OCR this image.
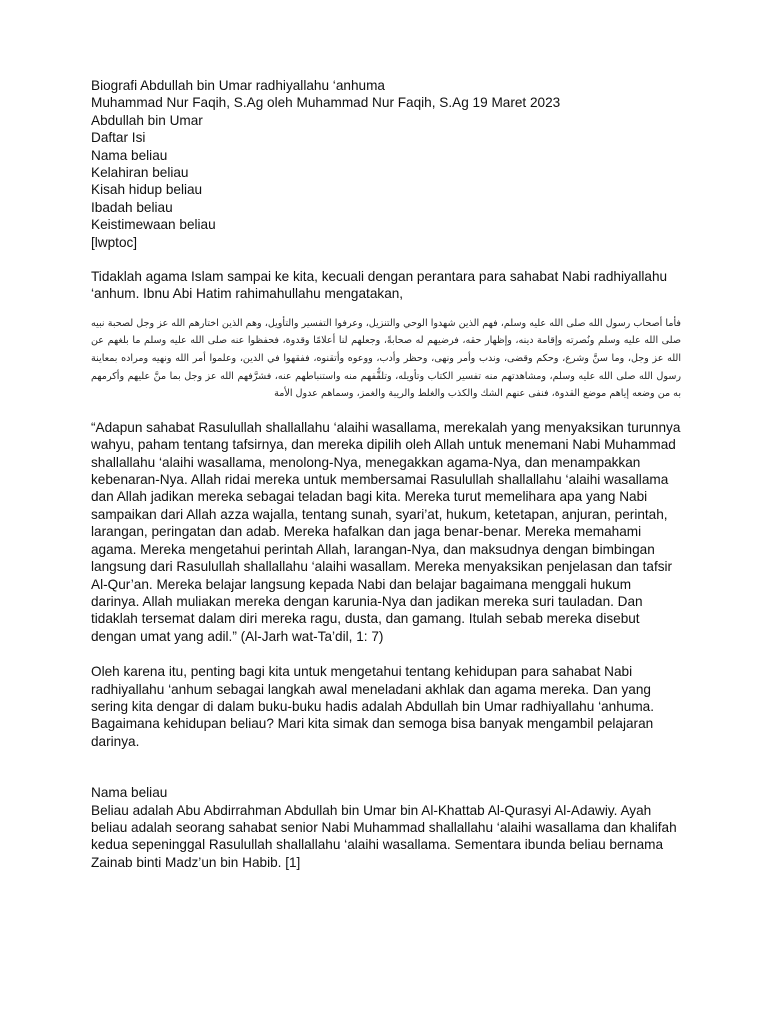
Biografi Abdullah bin Umar radhiyallahu ‘anhuma

Muhammad Nur Faqih, S.Ag oleh Muhammad Nur Faqih, S.Ag 19 Maret 2023

Abdullah bin Umar

Daftar Isi

Nama beliau

Kelahiran beliau

Kisah hidup beliau

Ibadah beliau

Keistimewaan beliau

[lwptoc]

Tidaklah agama Islam sampai ke kita, kecuali dengan perantara para sahabat Nabi radhiyallahu ‘anhum. Ibnu Abi Hatim rahimahullahu mengatakan,

فأما أصحاب رسول الله صلى الله عليه وسلم، فهم الذين شهدوا الوحي والتنزيل، وعرفوا التفسير والتأويل، وهم الذين اختارهم الله عز وجل لصحبة نبيه صلى الله عليه وسلم ونُصرته وإقامة دينه، وإظهار حقه، فرضيهم له صحابةً، وجعلهم لنا أعلامًا وقدوة، فحفظوا عنه صلى الله عليه وسلم ما بلغهم عن الله عز وجل، وما سنَّ وشرع، وحكم وقضى، وندب وأمر ونهى، وحظر وأدب، ووعوه وأتقنوه، ففقهوا في الدين، وعلموا أمر الله ونهيه ومراده بمعاينة رسول الله صلى الله عليه وسلم، ومشاهدتهم منه تفسير الكتاب وتأويله، وتلقُّفهم منه واستنباطهم عنه، فشرَّفهم الله عز وجل بما منَّ عليهم وأكرمهم به من وضعه إياهم موضع القدوة، فنفى عنهم الشك والكذب والغلط والريبة والغمز، وسماهم عدول الأمة

“Adapun sahabat Rasulullah shallallahu ‘alaihi wasallama, merekalah yang menyaksikan turunnya wahyu, paham tentang tafsirnya, dan mereka dipilih oleh Allah untuk menemani Nabi Muhammad shallallahu ‘alaihi wasallama, menolong-Nya, menegakkan agama-Nya, dan menampakkan kebenaran-Nya. Allah ridai mereka untuk membersamai Rasulullah shallallahu ‘alaihi wasallama dan Allah jadikan mereka sebagai teladan bagi kita. Mereka turut memelihara apa yang Nabi sampaikan dari Allah azza wajalla, tentang sunah, syari’at, hukum, ketetapan, anjuran, perintah, larangan, peringatan dan adab. Mereka hafalkan dan jaga benar-benar. Mereka memahami agama. Mereka mengetahui perintah Allah, larangan-Nya, dan maksudnya dengan bimbingan langsung dari Rasulullah shallallahu ‘alaihi wasallam. Mereka menyaksikan penjelasan dan tafsir Al-Qur’an. Mereka belajar langsung kepada Nabi dan belajar bagaimana menggali hukum darinya. Allah muliakan mereka dengan karunia-Nya dan jadikan mereka suri tauladan. Dan tidaklah tersemat dalam diri mereka ragu, dusta, dan gamang. Itulah sebab mereka disebut dengan umat yang adil.” (Al-Jarh wat-Ta’dil, 1: 7)

Oleh karena itu, penting bagi kita untuk mengetahui tentang kehidupan para sahabat Nabi radhiyallahu ‘anhum sebagai langkah awal meneladani akhlak dan agama mereka. Dan yang sering kita dengar di dalam buku-buku hadis adalah Abdullah bin Umar radhiyallahu ‘anhuma. Bagaimana kehidupan beliau? Mari kita simak dan semoga bisa banyak mengambil pelajaran darinya.

Nama beliau

Beliau adalah Abu Abdirrahman Abdullah bin Umar bin Al-Khattab Al-Qurasyi Al-Adawiy. Ayah beliau adalah seorang sahabat senior Nabi Muhammad shallallahu ‘alaihi wasallama dan khalifah kedua sepeninggal Rasulullah shallallahu ‘alaihi wasallama. Sementara ibunda beliau bernama Zainab binti Madz’un bin Habib. [1]
